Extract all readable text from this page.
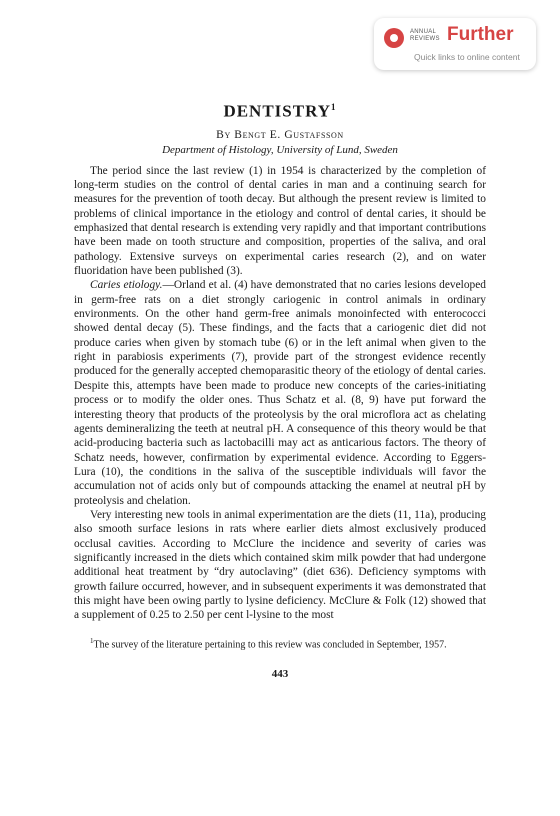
ANNUAL
REVIEWS Further
Quick links to online content
DENTISTRY$^1$

By Bengt E. Gustafsson

Department of Histology, University of Lund, Sweden

The period since the last review (1) in 1954 is characterized by the completion of long-term studies on the control of dental caries in man and a continuing search for measures for the prevention of tooth decay. But although the present review is limited to problems of clinical importance in the etiology and control of dental caries, it should be emphasized that dental research is extending very rapidly and that important contributions have been made on tooth structure and composition, properties of the saliva, and oral pathology. Extensive surveys on experimental caries research (2), and on water fluoridation have been published (3).

Caries etiology.—Orland et al. (4) have demonstrated that no caries lesions developed in germ-free rats on a diet strongly cariogenic in control animals in ordinary environments. On the other hand germ-free animals monoinfected with enterococci showed dental decay (5). These findings, and the facts that a cariogenic diet did not produce caries when given by stomach tube (6) or in the left animal when given to the right in parabiosis experiments (7), provide part of the strongest evidence recently produced for the generally accepted chemoparasitic theory of the etiology of dental caries. Despite this, attempts have been made to produce new concepts of the caries-initiating process or to modify the older ones. Thus Schatz et al. (8, 9) have put forward the interesting theory that products of the proteolysis by the oral microflora act as chelating agents demineralizing the teeth at neutral pH. A consequence of this theory would be that acid-producing bacteria such as lactobacilli may act as anticarious factors. The theory of Schatz needs, however, confirmation by experimental evidence. According to Eggers-Lura (10), the conditions in the saliva of the susceptible individuals will favor the accumulation not of acids only but of compounds attacking the enamel at neutral pH by proteolysis and chelation.

Very interesting new tools in animal experimentation are the diets (11, 11a), producing also smooth surface lesions in rats where earlier diets almost exclusively produced occlusal cavities. According to McClure the incidence and severity of caries was significantly increased in the diets which contained skim milk powder that had undergone additional heat treatment by “dry autoclaving” (diet 636). Deficiency symptoms with growth failure occurred, however, and in subsequent experiments it was demonstrated that this might have been owing partly to lysine deficiency. McClure & Folk (12) showed that a supplement of 0.25 to 2.50 per cent l-lysine to the most

$^1$The survey of the literature pertaining to this review was concluded in September, 1957.
443
